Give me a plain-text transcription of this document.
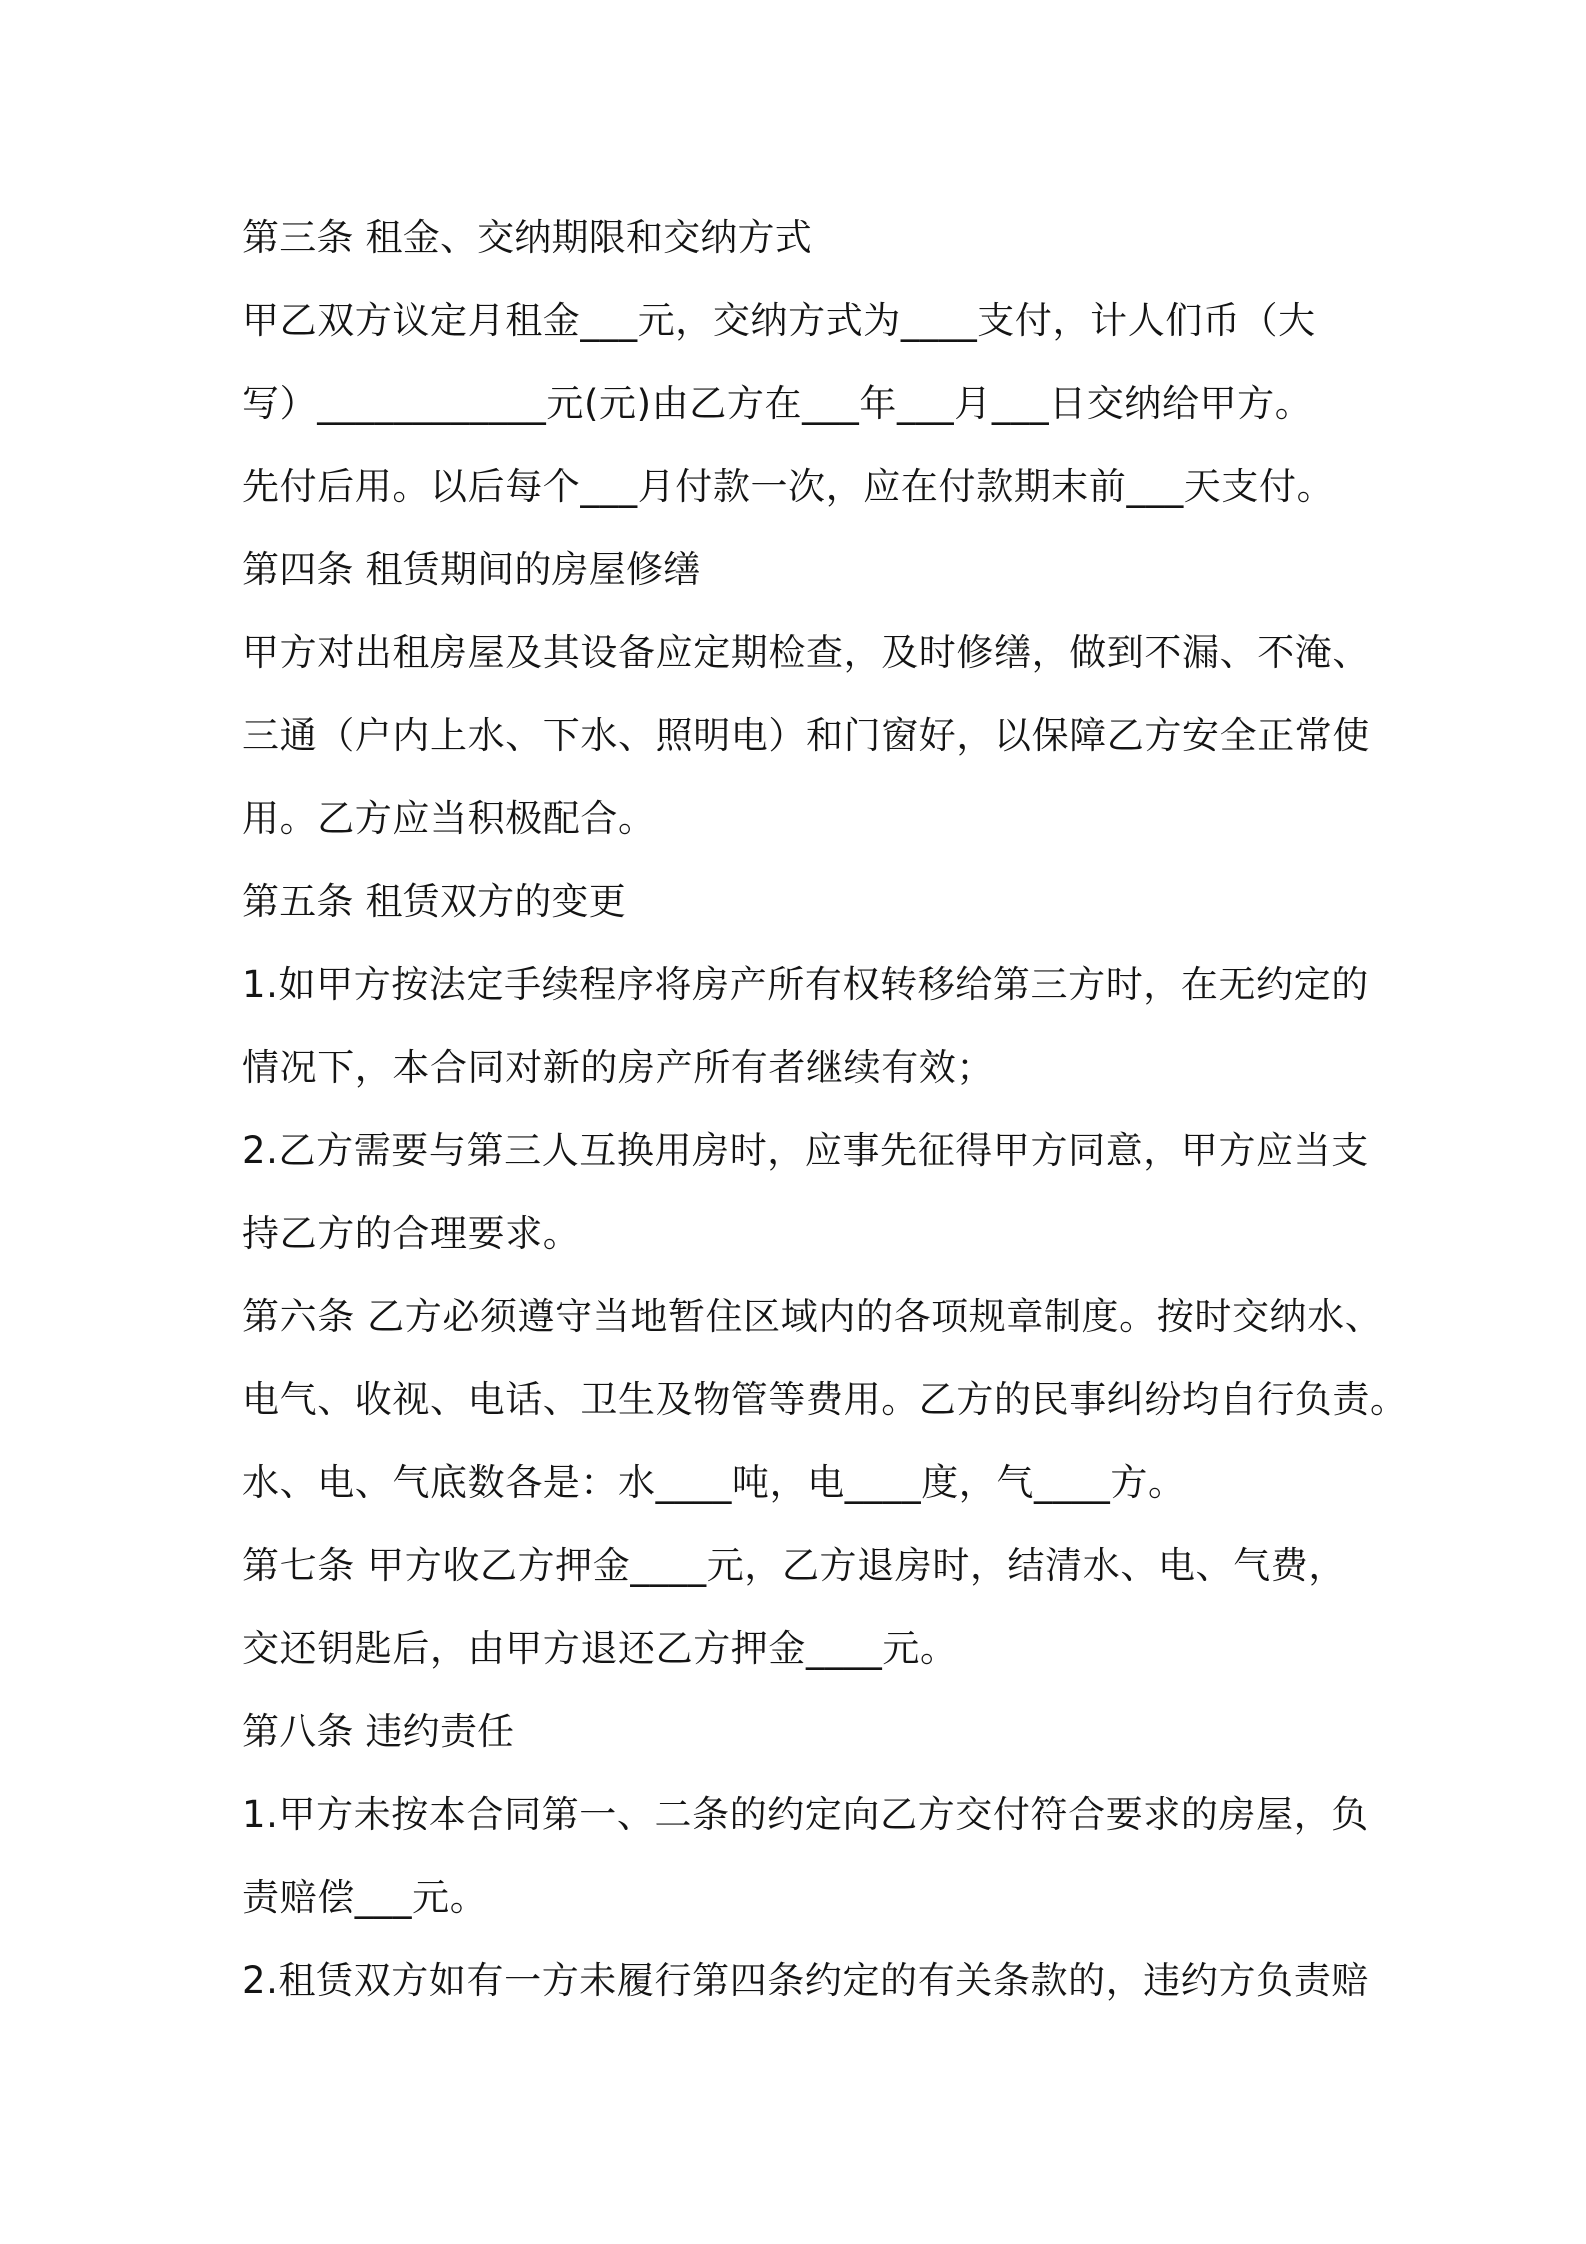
第三条 租金、交纳期限和交纳方式
甲乙双方议定月租金___元，交纳方式为____支付，计人们币（大
写）____________元(元)由乙方在___年___月___日交纳给甲方。
先付后用。以后每个___月付款一次，应在付款期末前___天支付。
第四条 租赁期间的房屋修缮
甲方对出租房屋及其设备应定期检查，及时修缮，做到不漏、不淹、
三通（户内上水、下水、照明电）和门窗好，以保障乙方安全正常使
用。乙方应当积极配合。
第五条 租赁双方的变更
1.如甲方按法定手续程序将房产所有权转移给第三方时，在无约定的
情况下，本合同对新的房产所有者继续有效；
2.乙方需要与第三人互换用房时，应事先征得甲方同意，甲方应当支
持乙方的合理要求。
第六条 乙方必须遵守当地暂住区域内的各项规章制度。按时交纳水、
电气、收视、电话、卫生及物管等费用。乙方的民事纠纷均自行负责。
水、电、气底数各是：水____吨，电____度，气____方。
第七条 甲方收乙方押金____元，乙方退房时，结清水、电、气费，
交还钥匙后，由甲方退还乙方押金____元。
第八条 违约责任
1.甲方未按本合同第一、二条的约定向乙方交付符合要求的房屋，负
责赔偿___元。
2.租赁双方如有一方未履行第四条约定的有关条款的，违约方负责赔
